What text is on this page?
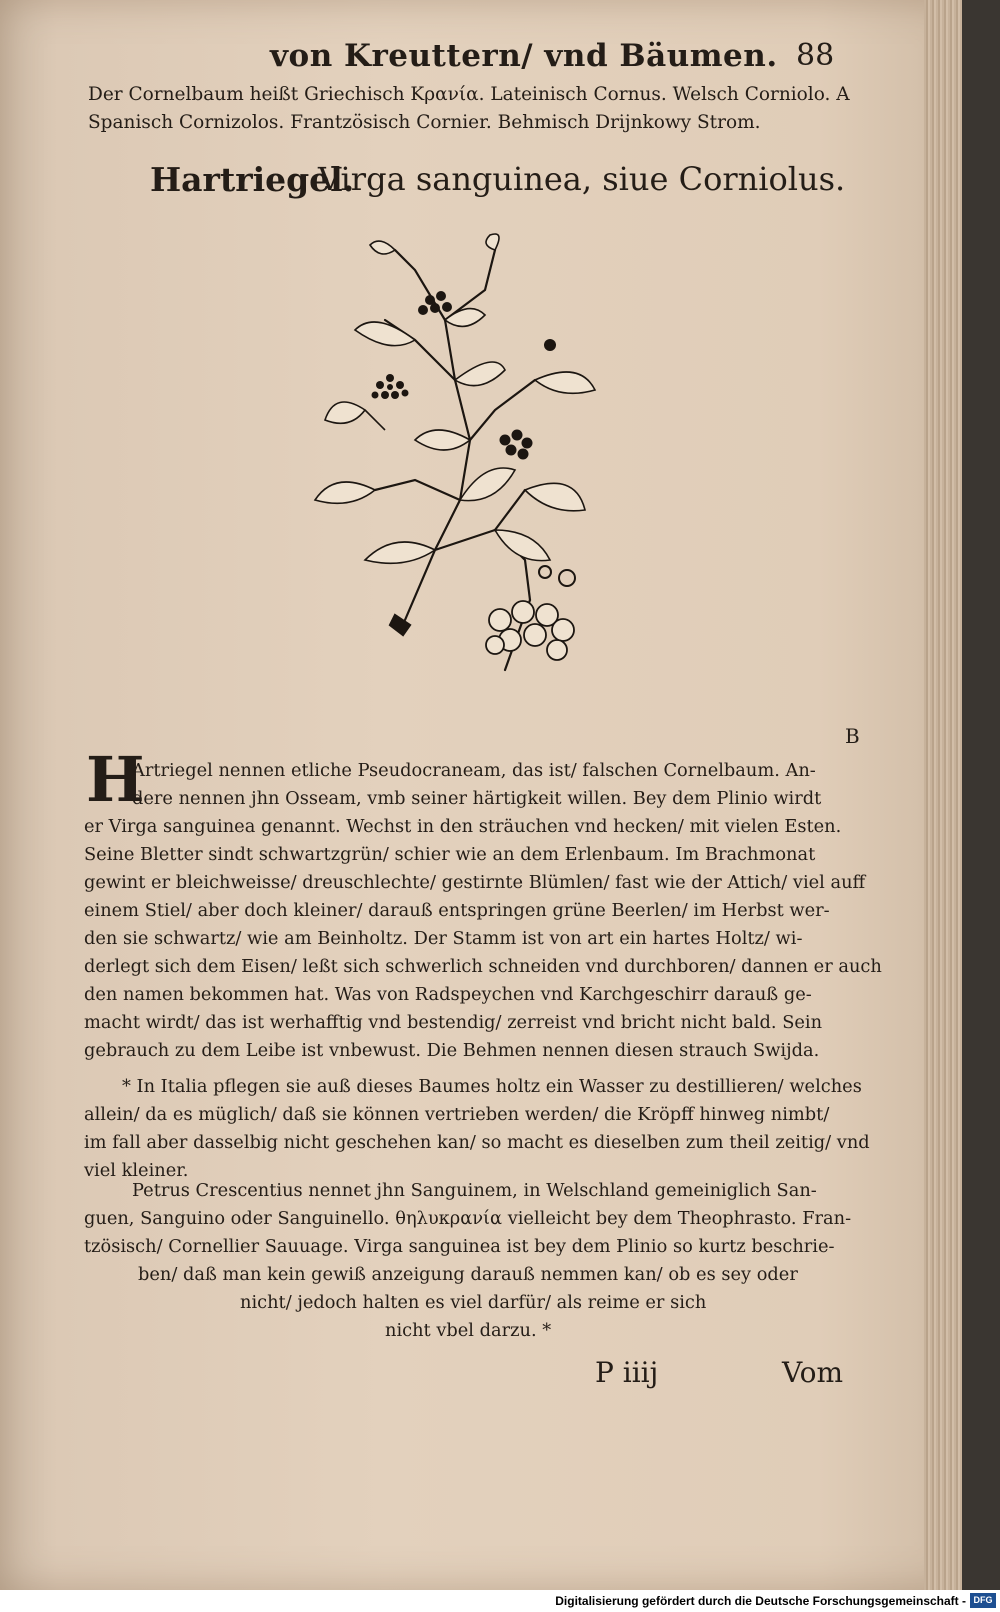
von Kreuttern/ vnd Bäumen. 88
Der Cornelbaum heißt Griechisch Κρανία. Lateinisch Cornus. Welsch Corniolo. A
Spanisch Cornizolos. Frantzösisch Cornier. Behmisch Drijnkowy Strom.
Hartriegel.
Virga sanguinea, siue Corniolus.
B
H
Artriegel nennen etliche Pseudocraneam, das ist/ falschen Cornelbaum. An-
dere nennen jhn Osseam, vmb seiner härtigkeit willen. Bey dem Plinio wirdt
er Virga sanguinea genannt. Wechst in den sträuchen vnd hecken/ mit vielen Esten.
Seine Bletter sindt schwartzgrün/ schier wie an dem Erlenbaum. Im Brachmonat
gewint er bleichweisse/ dreuschlechte/ gestirnte Blümlen/ fast wie der Attich/ viel auff
einem Stiel/ aber doch kleiner/ darauß entspringen grüne Beerlen/ im Herbst wer-
den sie schwartz/ wie am Beinholtz. Der Stamm ist von art ein hartes Holtz/ wi-
derlegt sich dem Eisen/ leßt sich schwerlich schneiden vnd durchboren/ dannen er auch
den namen bekommen hat. Was von Radspeychen vnd Karchgeschirr darauß ge-
macht wirdt/ das ist werhafftig vnd bestendig/ zerreist vnd bricht nicht bald. Sein
gebrauch zu dem Leibe ist vnbewust. Die Behmen nennen diesen strauch Swijda.
* In Italia pflegen sie auß dieses Baumes holtz ein Wasser zu destillieren/ welches
allein/ da es müglich/ daß sie können vertrieben werden/ die Kröpff hinweg nimbt/
im fall aber dasselbig nicht geschehen kan/ so macht es dieselben zum theil zeitig/ vnd
viel kleiner.
Petrus Crescentius nennet jhn Sanguinem, in Welschland gemeiniglich San-
guen, Sanguino oder Sanguinello. θηλυκρανία vielleicht bey dem Theophrasto. Fran-
tzösisch/ Cornellier Sauuage. Virga sanguinea ist bey dem Plinio so kurtz beschrie-
ben/ daß man kein gewiß anzeigung darauß nemmen kan/ ob es sey oder
nicht/ jedoch halten es viel darfür/ als reime er sich
nicht vbel darzu. *
P iiij	Vom
Digitalisierung gefördert durch die Deutsche Forschungsgemeinschaft - DFG
